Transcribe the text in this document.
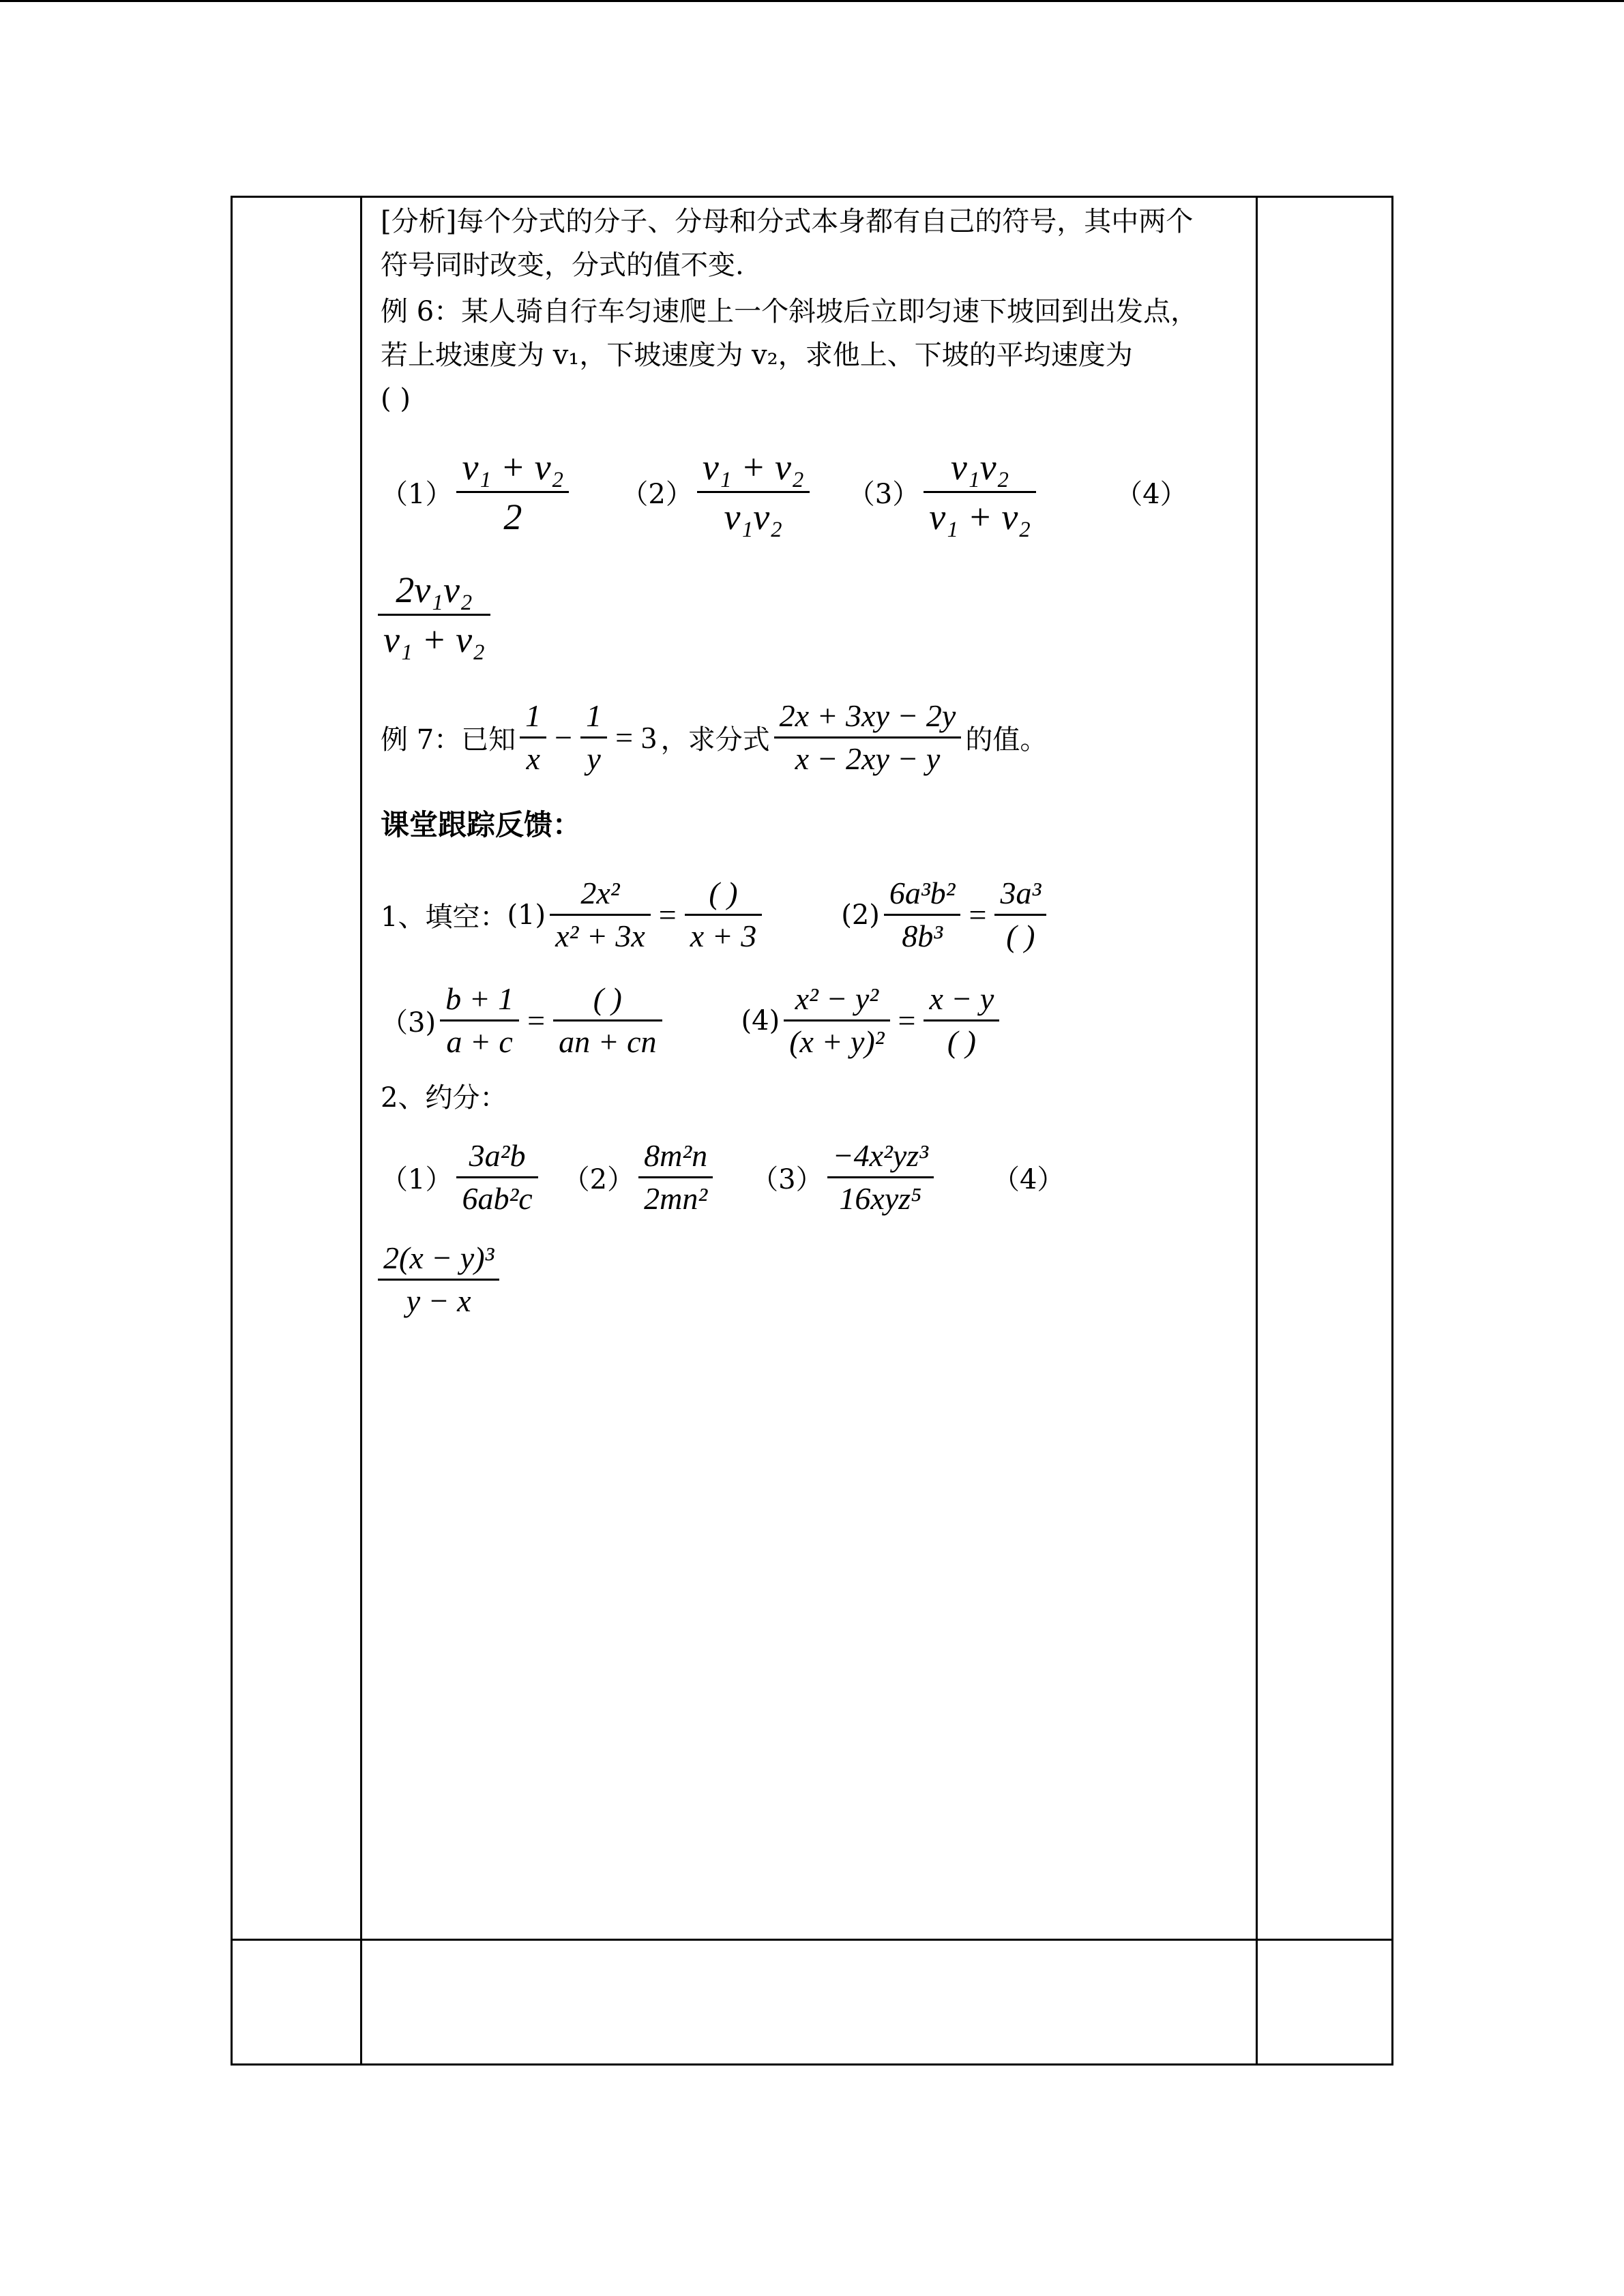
[分析]每个分式的分子、分母和分式本身都有自己的符号，其中两个
符号同时改变，分式的值不变.
例 6：某人骑自行车匀速爬上一个斜坡后立即匀速下坡回到出发点，
若上坡速度为 v₁，下坡速度为 v₂，求他上、下坡的平均速度为
( )
$(1) \frac{\text{v₁ + v₂}}{2} (2) \frac{\text{v₁ + v₂}}{\text{v₁v₂}} (3) \frac{\text{v₁v₂}}{\text{v₁ + v₂}}$	（4）
$\frac{\text{2v₁v₂}}{\text{v₁ + v₂}}$
例 7：已知 $\frac{1}{x} - \frac{1}{y} = 3$ ，求分式 $\frac{2x + 3xy - 2y}{x - 2xy - y}$ 的值。
课堂跟踪反馈：
1、填空： $(1) \frac{\text{2x²}}{\text{x² + 3x}} = \frac{( )}{x + 3}$	$(2) \frac{\text{6a³b²}}{\text{8b³}} = \frac{\text{3a³}}{( )}$
$(3) \frac{b + 1}{a + c} = \frac{( )}{an + cn}$	$(4) \frac{\text{x² − y²}}{\text{(x + y)²}} = \frac{x - y}{( )}$
2、约分：
$(1) \frac{\text{3a²b}}{\text{6ab²c}} (2) \frac{\text{8m²n}}{\text{2mn²}} (3) \frac{\text{−4x²yz³}}{\text{16xyz⁵}} (4)$
$\frac{\text{2(x − y)³}}{y - x}$
